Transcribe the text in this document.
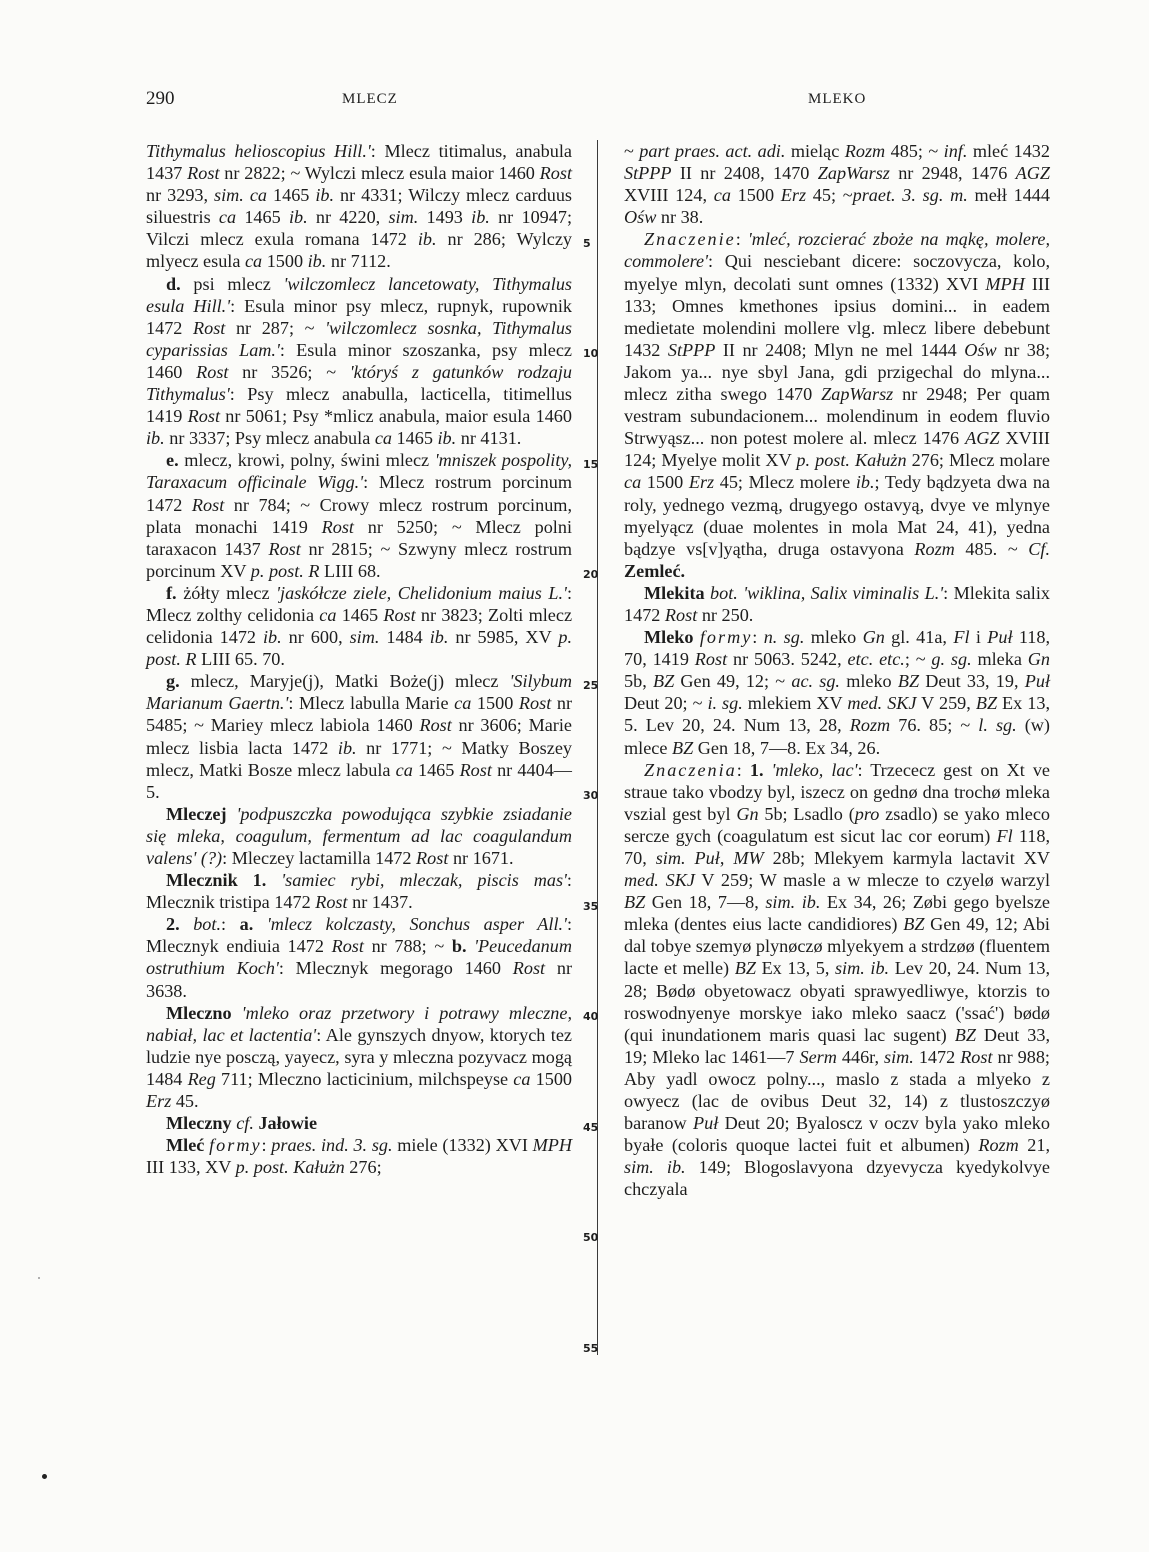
290	MLECZ	MLEKO
5
10
15
20
25
30
35
40
45
50
55

Tithymalus helioscopius Hill.': Mlecz titimalus, anabula 1437 Rost nr 2822; ~ Wylczi mlecz esula maior 1460 Rost nr 3293, sim. ca 1465 ib. nr 4331; Wilczy mlecz carduus siluestris ca 1465 ib. nr 4220, sim. 1493 ib. nr 10947; Vilczi mlecz exula romana 1472 ib. nr 286; Wylczy mlyecz esula ca 1500 ib. nr 7112.

d. psi mlecz 'wilczomlecz lancetowaty, Tithymalus esula Hill.': Esula minor psy mlecz, rupnyk, rupownik 1472 Rost nr 287; ~ 'wilczomlecz sosnka, Tithymalus cyparissias Lam.': Esula minor szoszanka, psy mlecz 1460 Rost nr 3526; ~ 'któryś z gatunków rodzaju Tithymalus': Psy mlecz anabulla, lacticella, titimellus 1419 Rost nr 5061; Psy *mlicz anabula, maior esula 1460 ib. nr 3337; Psy mlecz anabula ca 1465 ib. nr 4131.

e. mlecz, krowi, polny, świni mlecz 'mniszek pospolity, Taraxacum officinale Wigg.': Mlecz rostrum porcinum 1472 Rost nr 784; ~ Crowy mlecz rostrum porcinum, plata monachi 1419 Rost nr 5250; ~ Mlecz polni taraxacon 1437 Rost nr 2815; ~ Szwyny mlecz rostrum porcinum XV p. post. R LIII 68.

f. żółty mlecz 'jaskółcze ziele, Chelidonium maius L.': Mlecz zolthy celidonia ca 1465 Rost nr 3823; Zolti mlecz celidonia 1472 ib. nr 600, sim. 1484 ib. nr 5985, XV p. post. R LIII 65. 70.

g. mlecz, Maryje(j), Matki Boże(j) mlecz 'Silybum Marianum Gaertn.': Mlecz labulla Marie ca 1500 Rost nr 5485; ~ Mariey mlecz labiola 1460 Rost nr 3606; Marie mlecz lisbia lacta 1472 ib. nr 1771; ~ Matky Boszey mlecz, Matki Bosze mlecz labula ca 1465 Rost nr 4404—5.

Mleczej 'podpuszczka powodująca szybkie zsiadanie się mleka, coagulum, fermentum ad lac coagulandum valens' (?): Mleczey lactamilla 1472 Rost nr 1671.

Mlecznik 1. 'samiec rybi, mleczak, piscis mas': Mlecznik tristipa 1472 Rost nr 1437.

2. bot.: a. 'mlecz kolczasty, Sonchus asper All.': Mlecznyk endiuia 1472 Rost nr 788; ~ b. 'Peucedanum ostruthium Koch': Mlecznyk megorago 1460 Rost nr 3638.

Mleczno 'mleko oraz przetwory i potrawy mleczne, nabiał, lac et lactentia': Ale gynszych dnyow, ktorych tez ludzie nye posczą, yayecz, syra y mleczna pozyvacz mogą 1484 Reg 711; Mleczno lacticinium, milchspeyse ca 1500 Erz 45.

Mleczny cf. Jałowie

Mleć formy: praes. ind. 3. sg. miele (1332) XVI MPH III 133, XV p. post. Kałużn 276;

~ part praes. act. adi. mieląc Rozm 485; ~ inf. mleć 1432 StPPP II nr 2408, 1470 ZapWarsz nr 2948, 1476 AGZ XVIII 124, ca 1500 Erz 45; ~praet. 3. sg. m. mełł 1444 Ośw nr 38.

Znaczenie: 'mleć, rozcierać zboże na mąkę, molere, commolere': Qui nesciebant dicere: soczovycza, kolo, myelye mlyn, decolati sunt omnes (1332) XVI MPH III 133; Omnes kmethones ipsius domini... in eadem medietate molendini mollere vlg. mlecz libere debebunt 1432 StPPP II nr 2408; Mlyn ne mel 1444 Ośw nr 38; Jakom ya... nye sbyl Jana, gdi przigechal do mlyna... mlecz zitha swego 1470 ZapWarsz nr 2948; Per quam vestram subundacionem... molendinum in eodem fluvio Strwyąsz... non potest molere al. mlecz 1476 AGZ XVIII 124; Myelye molit XV p. post. Kałużn 276; Mlecz molare ca 1500 Erz 45; Mlecz molere ib.; Tedy bądzyeta dwa na roly, yednego vezmą, drugyego ostavyą, dvye ve mlynye myelyącz (duae molentes in mola Mat 24, 41), yedna bądzye vs[v]yątha, druga ostavyona Rozm 485. ~ Cf. Zemleć.

Mlekita bot. 'wiklina, Salix viminalis L.': Mlekita salix 1472 Rost nr 250.

Mleko formy: n. sg. mleko Gn gl. 41a, Fl i Puł 118, 70, 1419 Rost nr 5063. 5242, etc. etc.; ~ g. sg. mleka Gn 5b, BZ Gen 49, 12; ~ ac. sg. mleko BZ Deut 33, 19, Puł Deut 20; ~ i. sg. mlekiem XV med. SKJ V 259, BZ Ex 13, 5. Lev 20, 24. Num 13, 28, Rozm 76. 85; ~ l. sg. (w) mlece BZ Gen 18, 7—8. Ex 34, 26.

Znaczenia: 1. 'mleko, lac': Trzececz gest on Xt ve straue tako vbodzy byl, iszecz on gednø dna trochø mleka vszial gest byl Gn 5b; Lsadlo (pro zsadlo) se yako mleco sercze gych (coagulatum est sicut lac cor eorum) Fl 118, 70, sim. Puł, MW 28b; Mlekyem karmyla lactavit XV med. SKJ V 259; W masle a w mlecze to czyelø warzyl BZ Gen 18, 7—8, sim. ib. Ex 34, 26; Zøbi gego byelsze mleka (dentes eius lacte candidiores) BZ Gen 49, 12; Abi dal tobye szemyø plynøczø mlyekyem a strdzøø (fluentem lacte et melle) BZ Ex 13, 5, sim. ib. Lev 20, 24. Num 13, 28; Bødø obyetowacz obyati sprawyedliwye, ktorzis to roswodnyenye morskye iako mleko saacz ('ssać') bødø (qui inundationem maris quasi lac sugent) BZ Deut 33, 19; Mleko lac 1461—7 Serm 446r, sim. 1472 Rost nr 988; Aby yadl owocz polny..., maslo z stada a mlyeko z owyecz (lac de ovibus Deut 32, 14) z tlustoszczyø baranow Puł Deut 20; Byaloscz v oczv byla yako mleko byałe (coloris quoque lactei fuit et albumen) Rozm 21, sim. ib. 149; Blogoslavyona dzyevycza kyedykolvye chczyala
